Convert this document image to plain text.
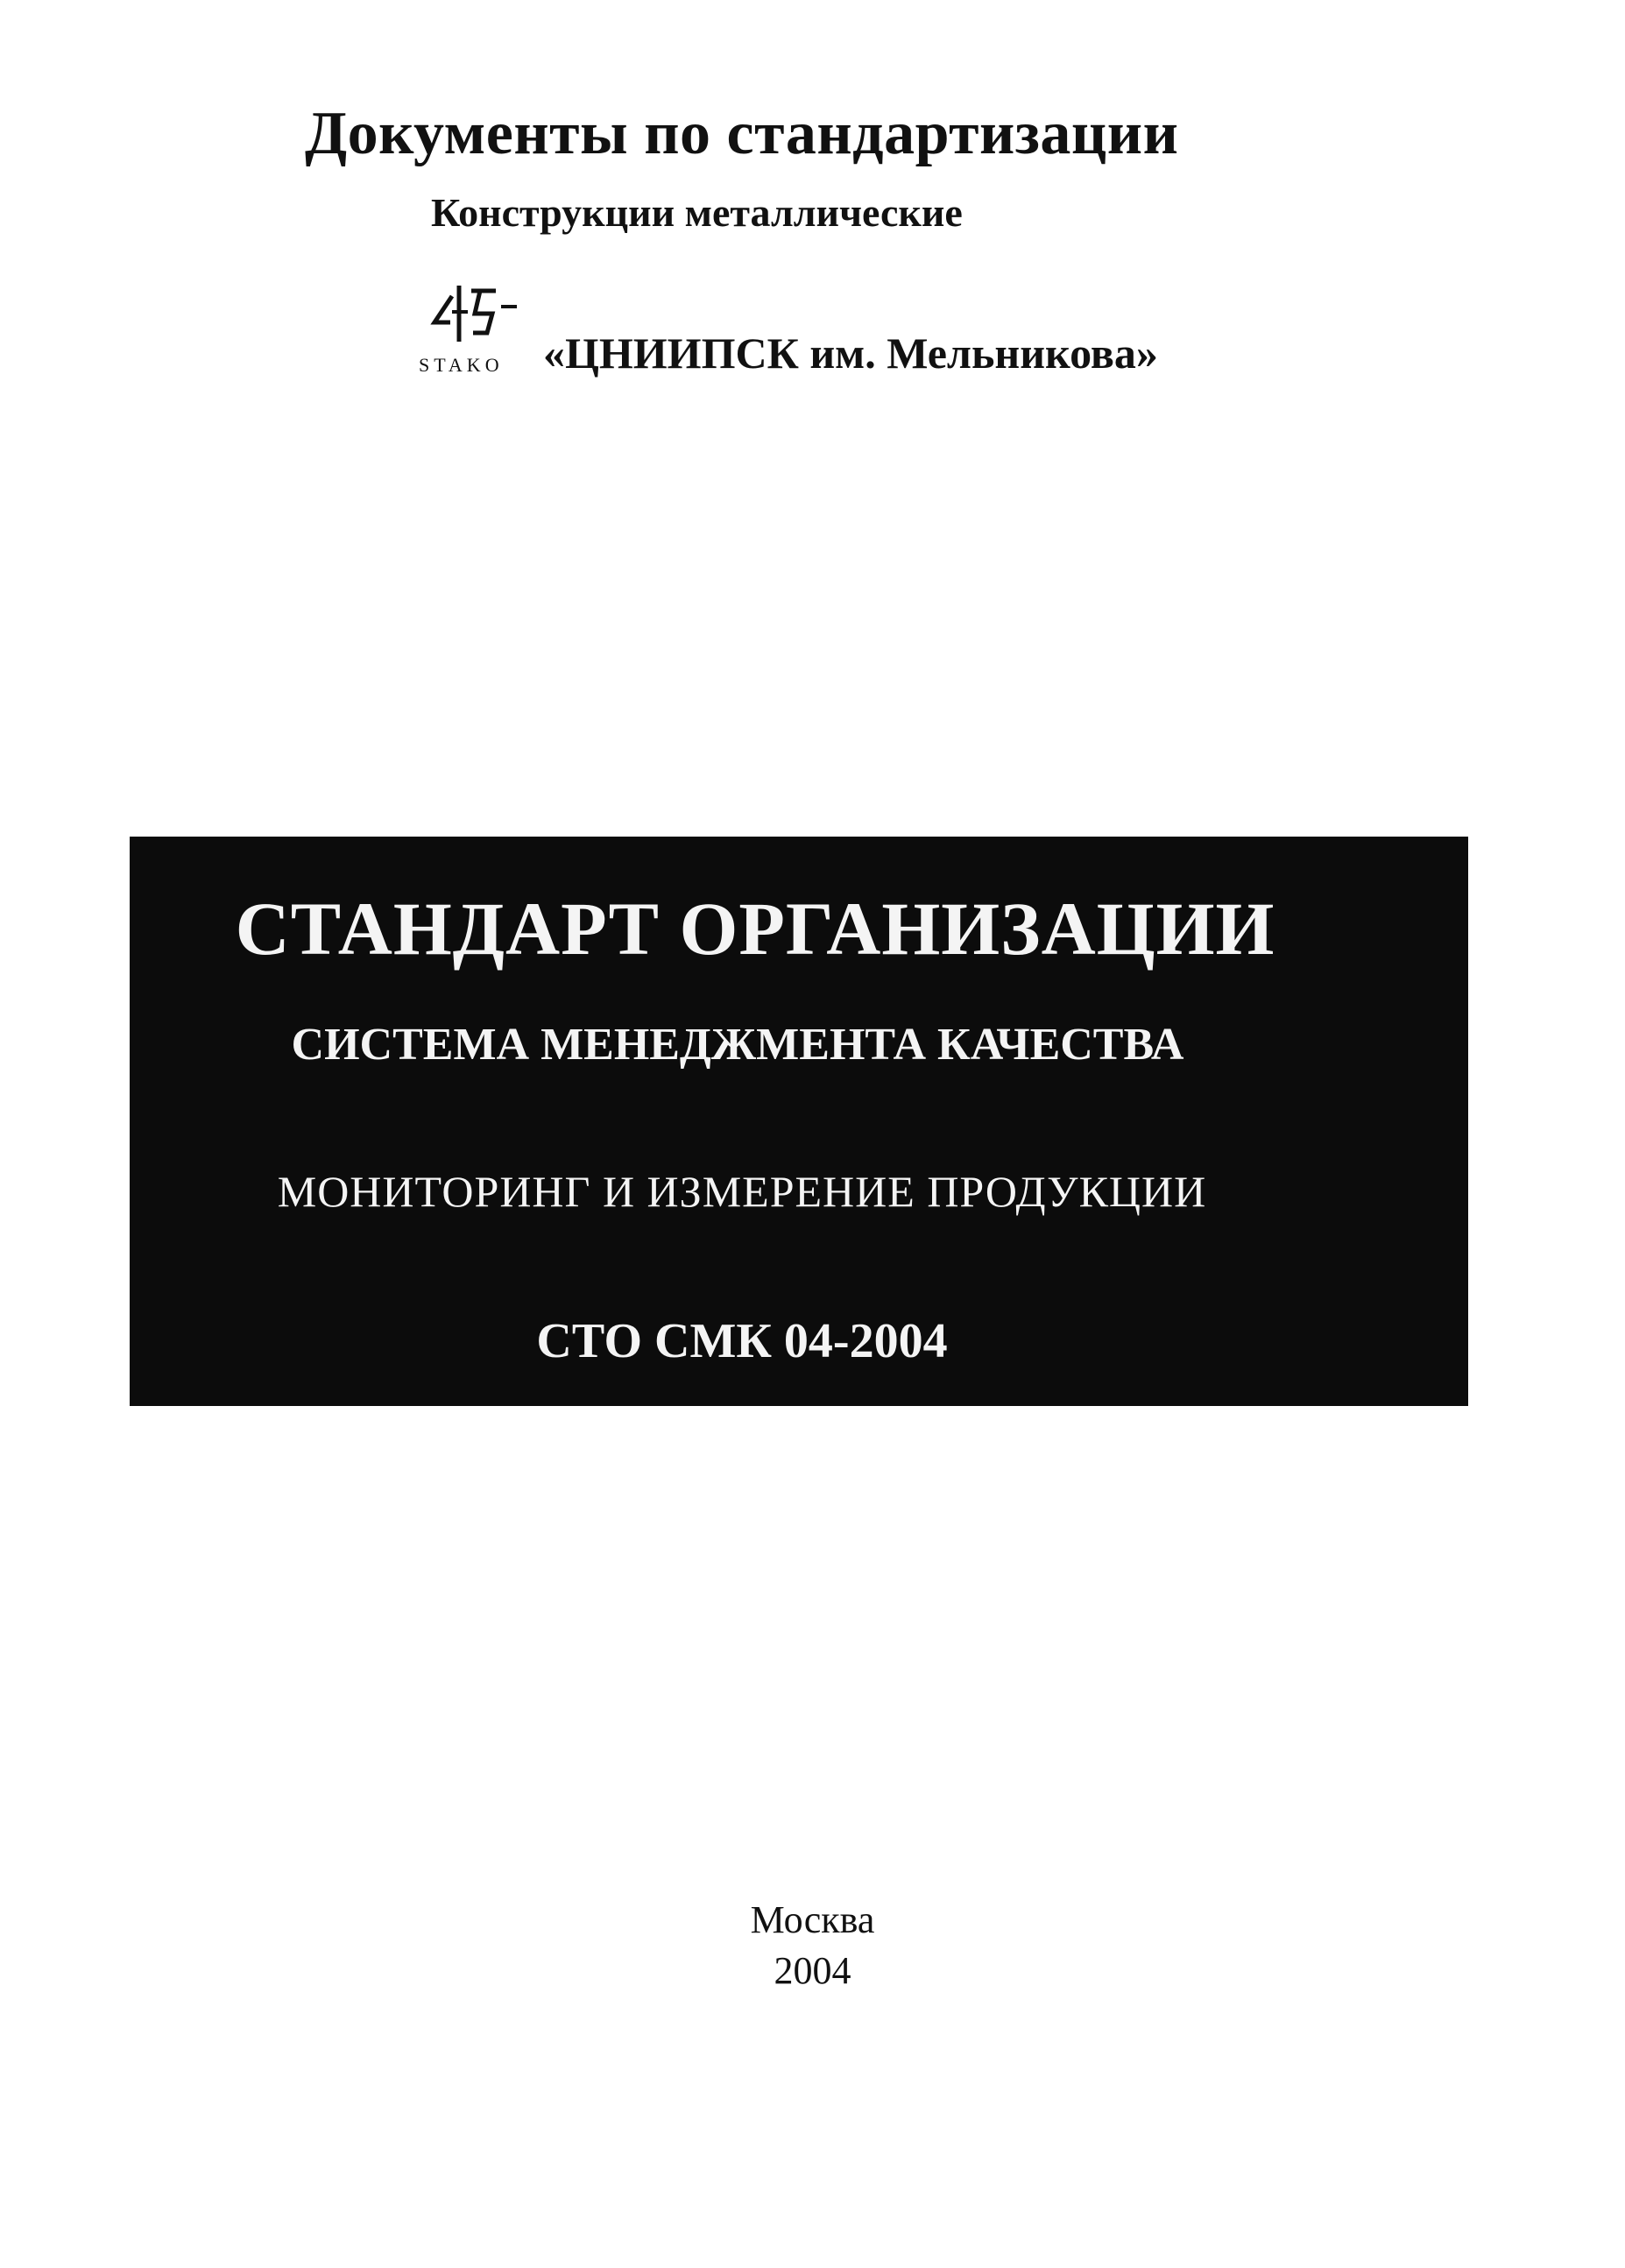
Документы по стандартизации
Конструкции металлические
STAKO «ЦНИИПСК им. Мельникова»
СТАНДАРТ ОРГАНИЗАЦИИ
СИСТЕМА МЕНЕДЖМЕНТА КАЧЕСТВА
МОНИТОРИНГ И ИЗМЕРЕНИЕ ПРОДУКЦИИ
СТО СМК 04-2004
Москва
2004
